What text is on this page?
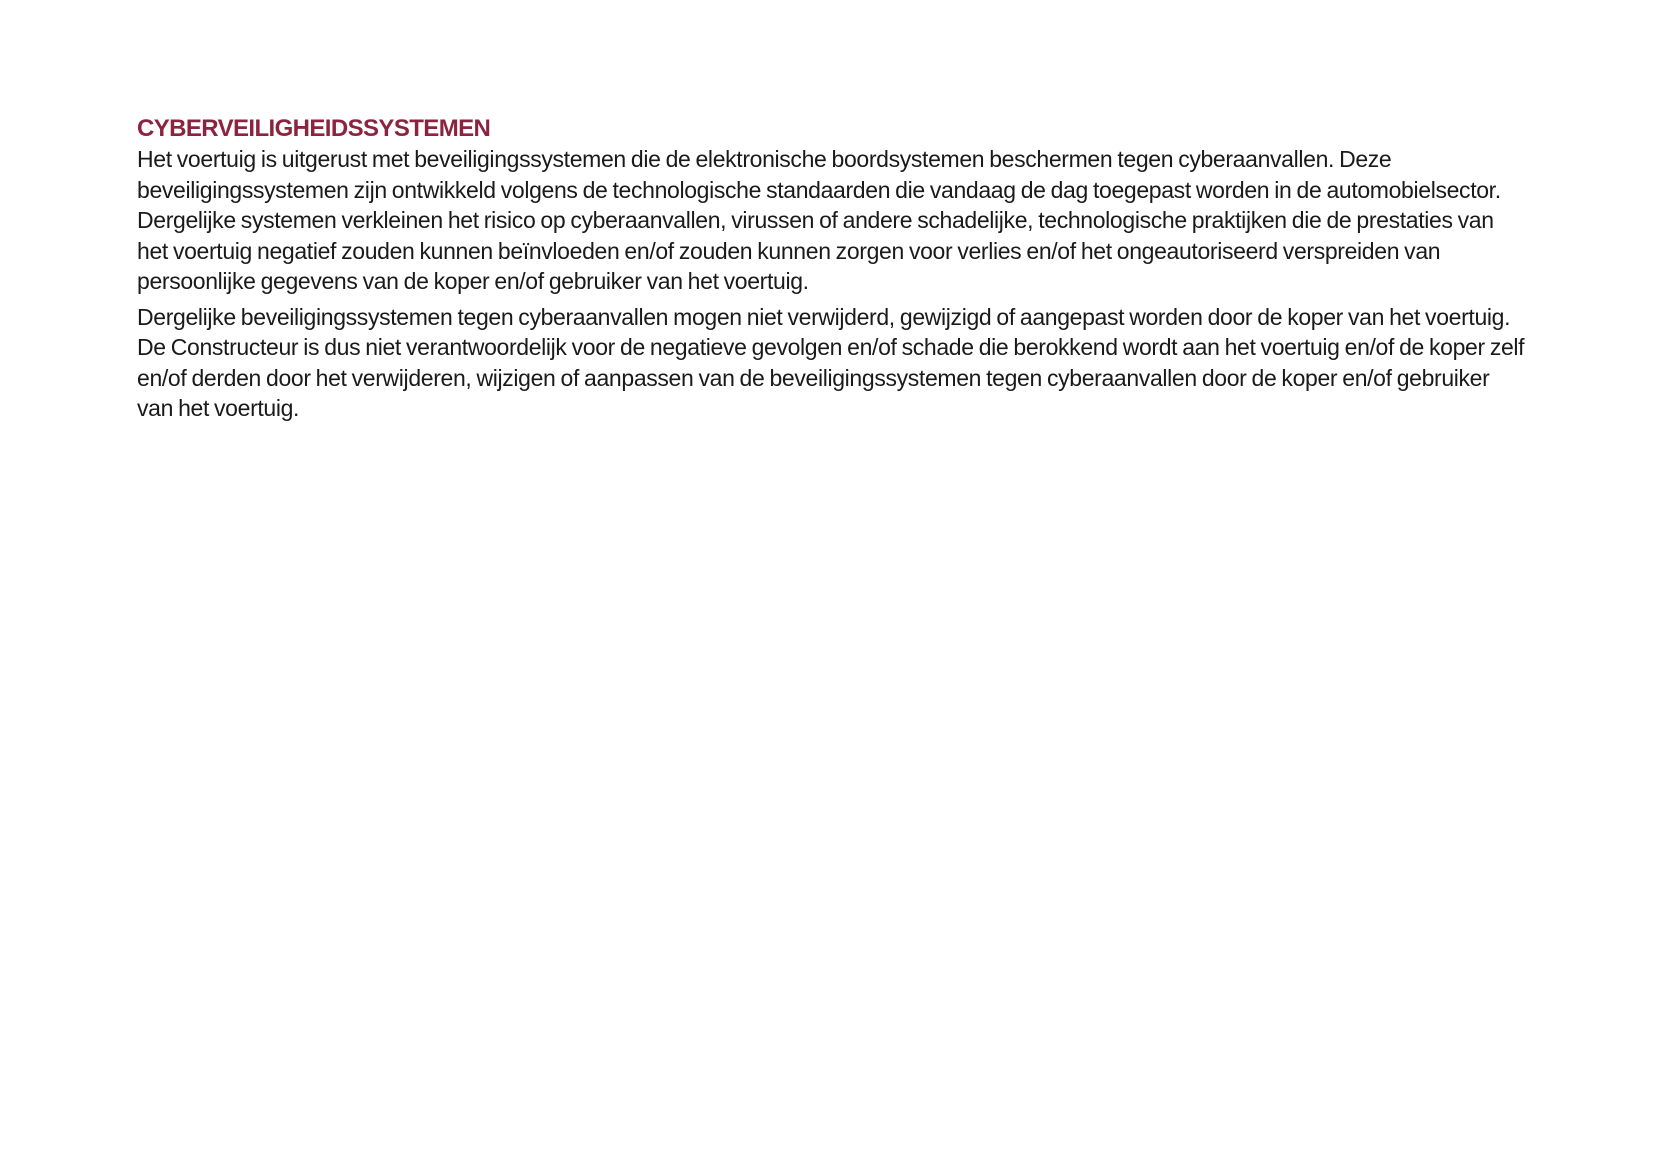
CYBERVEILIGHEIDSSYSTEMEN

Het voertuig is uitgerust met beveiligingssystemen die de elektronische boordsystemen beschermen tegen cyberaanvallen. Deze beveiligingssystemen zijn ontwikkeld volgens de technologische standaarden die vandaag de dag toegepast worden in de automobielsector. Dergelijke systemen verkleinen het risico op cyberaanvallen, virussen of andere schadelijke, technologische praktijken die de prestaties van het voertuig negatief zouden kunnen beïnvloeden en/of zouden kunnen zorgen voor verlies en/of het ongeautoriseerd verspreiden van persoonlijke gegevens van de koper en/of gebruiker van het voertuig.

Dergelijke beveiligingssystemen tegen cyberaanvallen mogen niet verwijderd, gewijzigd of aangepast worden door de koper van het voertuig. De Constructeur is dus niet verantwoordelijk voor de negatieve gevolgen en/of schade die berokkend wordt aan het voertuig en/of de koper zelf en/of derden door het verwijderen, wijzigen of aanpassen van de beveiligingssystemen tegen cyberaanvallen door de koper en/of gebruiker van het voertuig.
